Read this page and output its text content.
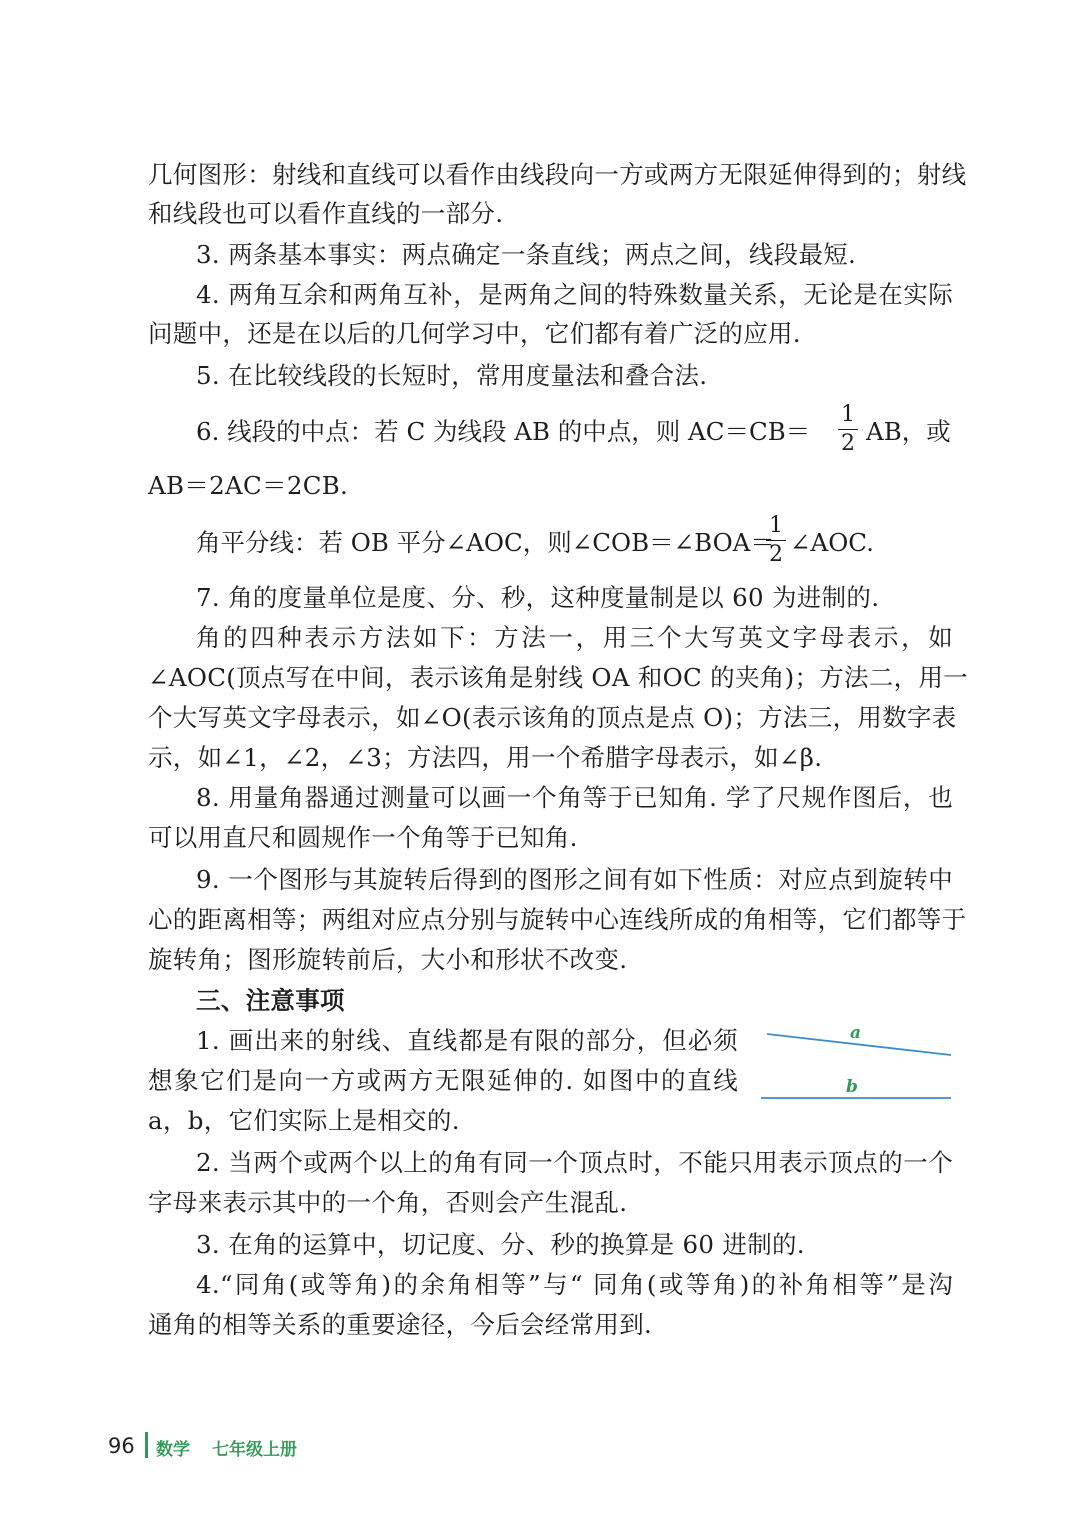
几何图形：射线和直线可以看作由线段向一方或两方无限延伸得到的；射线
和线段也可以看作直线的一部分.
3. 两条基本事实：两点确定一条直线；两点之间，线段最短.
4. 两角互余和两角互补，是两角之间的特殊数量关系，无论是在实际
问题中，还是在以后的几何学习中，它们都有着广泛的应用.
5. 在比较线段的长短时，常用度量法和叠合法.
6. 线段的中点：若 C 为线段 AB 的中点，则 AC＝CB＝
1
2 AB，或
AB＝2AC＝2CB.
角平分线：若 OB 平分∠AOC，则∠COB＝∠BOA＝
1
2 ∠AOC.
7. 角的度量单位是度、分、秒，这种度量制是以 60 为进制的.
角的四种表示方法如下：方法一，用三个大写英文字母表示，如
∠AOC(顶点写在中间，表示该角是射线 OA 和OC 的夹角)；方法二，用一
个大写英文字母表示，如∠O(表示该角的顶点是点 O)；方法三，用数字表
示，如∠1，∠2，∠3；方法四，用一个希腊字母表示，如∠β.
8. 用量角器通过测量可以画一个角等于已知角. 学了尺规作图后，也
可以用直尺和圆规作一个角等于已知角.
9. 一个图形与其旋转后得到的图形之间有如下性质：对应点到旋转中
心的距离相等；两组对应点分别与旋转中心连线所成的角相等，它们都等于
旋转角；图形旋转前后，大小和形状不改变.
三、注意事项
1. 画出来的射线、直线都是有限的部分，但必须
想象它们是向一方或两方无限延伸的. 如图中的直线
a，b，它们实际上是相交的.
a
b
2. 当两个或两个以上的角有同一个顶点时，不能只用表示顶点的一个
字母来表示其中的一个角，否则会产生混乱.
3. 在角的运算中，切记度、分、秒的换算是 60 进制的.
4.“同角(或等角)的余角相等”与“ 同角(或等角)的补角相等”是沟
通角的相等关系的重要途径，今后会经常用到.
96 数学 七年级上册
